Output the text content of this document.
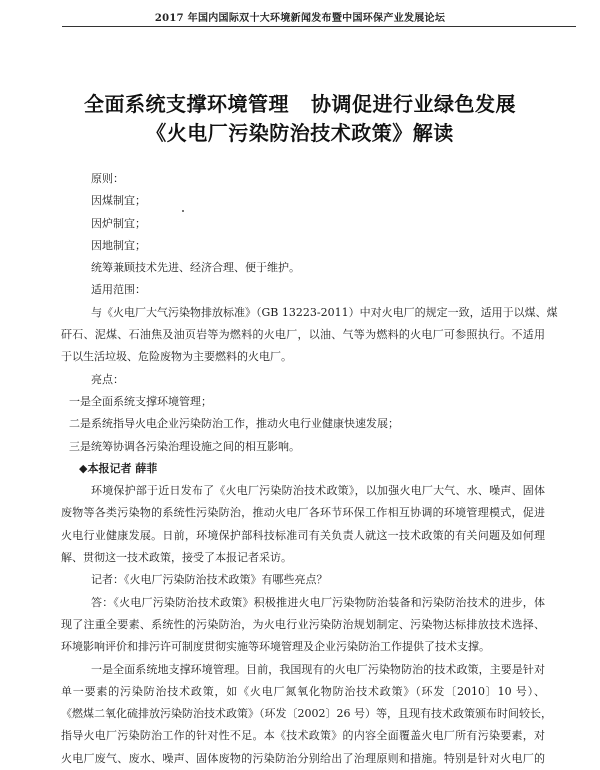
2017 年国内国际双十大环境新闻发布暨中国环保产业发展论坛
全面系统支撑环境管理 协调促进行业绿色发展
《火电厂污染防治技术政策》解读
原则：
因煤制宜；
因炉制宜；
因地制宜；
统筹兼顾技术先进、经济合理、便于维护。
适用范围：
与《火电厂大气污染物排放标准》（GB 13223-2011）中对火电厂的规定一致，适用于以煤、煤
矸石、泥煤、石油焦及油页岩等为燃料的火电厂，以油、气等为燃料的火电厂可参照执行。不适用
于以生活垃圾、危险废物为主要燃料的火电厂。
亮点：
一是全面系统支撑环境管理；
二是系统指导火电企业污染防治工作，推动火电行业健康快速发展；
三是统筹协调各污染治理设施之间的相互影响。
◆本报记者 薛菲
环境保护部于近日发布了《火电厂污染防治技术政策》，以加强火电厂大气、水、噪声、固体
废物等各类污染物的系统性污染防治，推动火电厂各环节环保工作相互协调的环境管理模式，促进
火电行业健康发展。日前，环境保护部科技标准司有关负责人就这一技术政策的有关问题及如何理
解、贯彻这一技术政策，接受了本报记者采访。
记者：《火电厂污染防治技术政策》有哪些亮点？
答：《火电厂污染防治技术政策》积极推进火电厂污染物防治装备和污染防治技术的进步，体
现了注重全要素、系统性的污染防治，为火电行业污染防治规划制定、污染物达标排放技术选择、
环境影响评价和排污许可制度贯彻实施等环境管理及企业污染防治工作提供了技术支撑。
一是全面系统地支撑环境管理。目前，我国现有的火电厂污染物防治的技术政策，主要是针对
单一要素的污染防治技术政策，如《火电厂氮氧化物防治技术政策》（环发〔2010〕10 号）、
《燃煤二氧化硫排放污染防治技术政策》（环发〔2002〕26 号）等，且现有技术政策颁布时间较长，
指导火电厂污染防治工作的针对性不足。本《技术政策》的内容全面覆盖火电厂所有污染要素，对
火电厂废气、废水、噪声、固体废物的污染防治分别给出了治理原则和措施。特别是针对火电厂的
